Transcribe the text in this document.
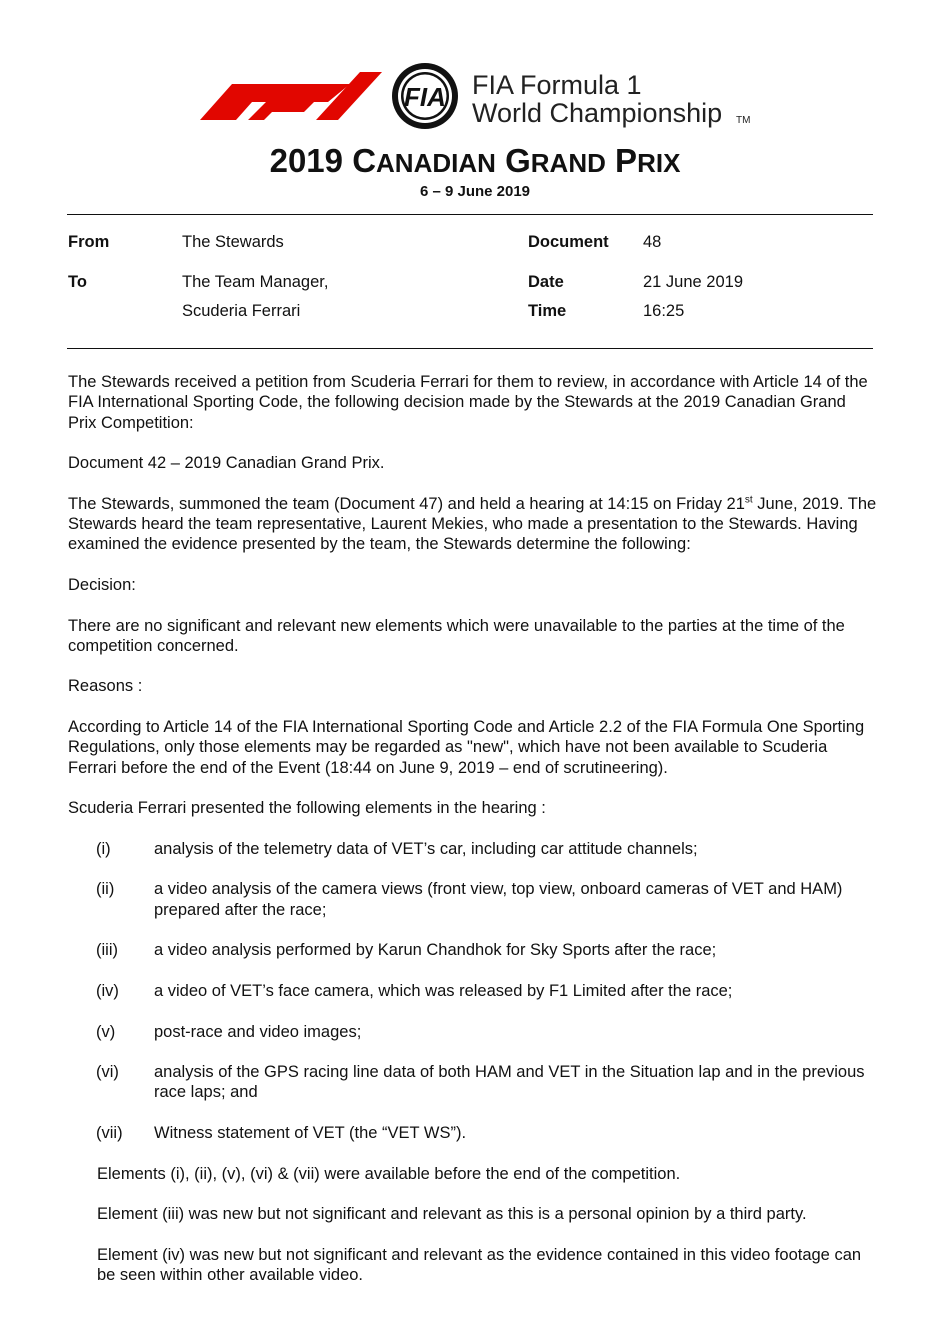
FIA FIA Formula 1
World Championship TM
2019 CANADIAN GRAND PRIX
6 – 9 June 2019
From	The Stewards	Document 48
To	The Team Manager,
Scuderia Ferrari
Date	21 June 2019
Time	16:25

The Stewards received a petition from Scuderia Ferrari for them to review, in accordance with Article 14 of the FIA International Sporting Code, the following decision made by the Stewards at the 2019 Canadian Grand Prix Competition:

Document 42 – 2019 Canadian Grand Prix.

The Stewards, summoned the team (Document 47) and held a hearing at 14:15 on Friday 21st June, 2019. The Stewards heard the team representative, Laurent Mekies, who made a presentation to the Stewards. Having examined the evidence presented by the team, the Stewards determine the following:

Decision:

There are no significant and relevant new elements which were unavailable to the parties at the time of the competition concerned.

Reasons :

According to Article 14 of the FIA International Sporting Code and Article 2.2 of the FIA Formula One Sporting Regulations, only those elements may be regarded as "new", which have not been available to Scuderia Ferrari before the end of the Event (18:44 on June 9, 2019 – end of scrutineering).

Scuderia Ferrari presented the following elements in the hearing :

(i)	analysis of the telemetry data of VET’s car, including car attitude channels;
(ii)	a video analysis of the camera views (front view, top view, onboard cameras of VET and HAM) prepared after the race;
(iii)	a video analysis performed by Karun Chandhok for Sky Sports after the race;
(iv)	a video of VET’s face camera, which was released by F1 Limited after the race;
(v)	post-race and video images;
(vi)	analysis of the GPS racing line data of both HAM and VET in the Situation lap and in the previous race laps; and
(vii)	Witness statement of VET (the “VET WS”).

Elements (i), (ii), (v), (vi) & (vii) were available before the end of the competition.

Element (iii) was new but not significant and relevant as this is a personal opinion by a third party.

Element (iv) was new but not significant and relevant as the evidence contained in this video footage can be seen within other available video.
